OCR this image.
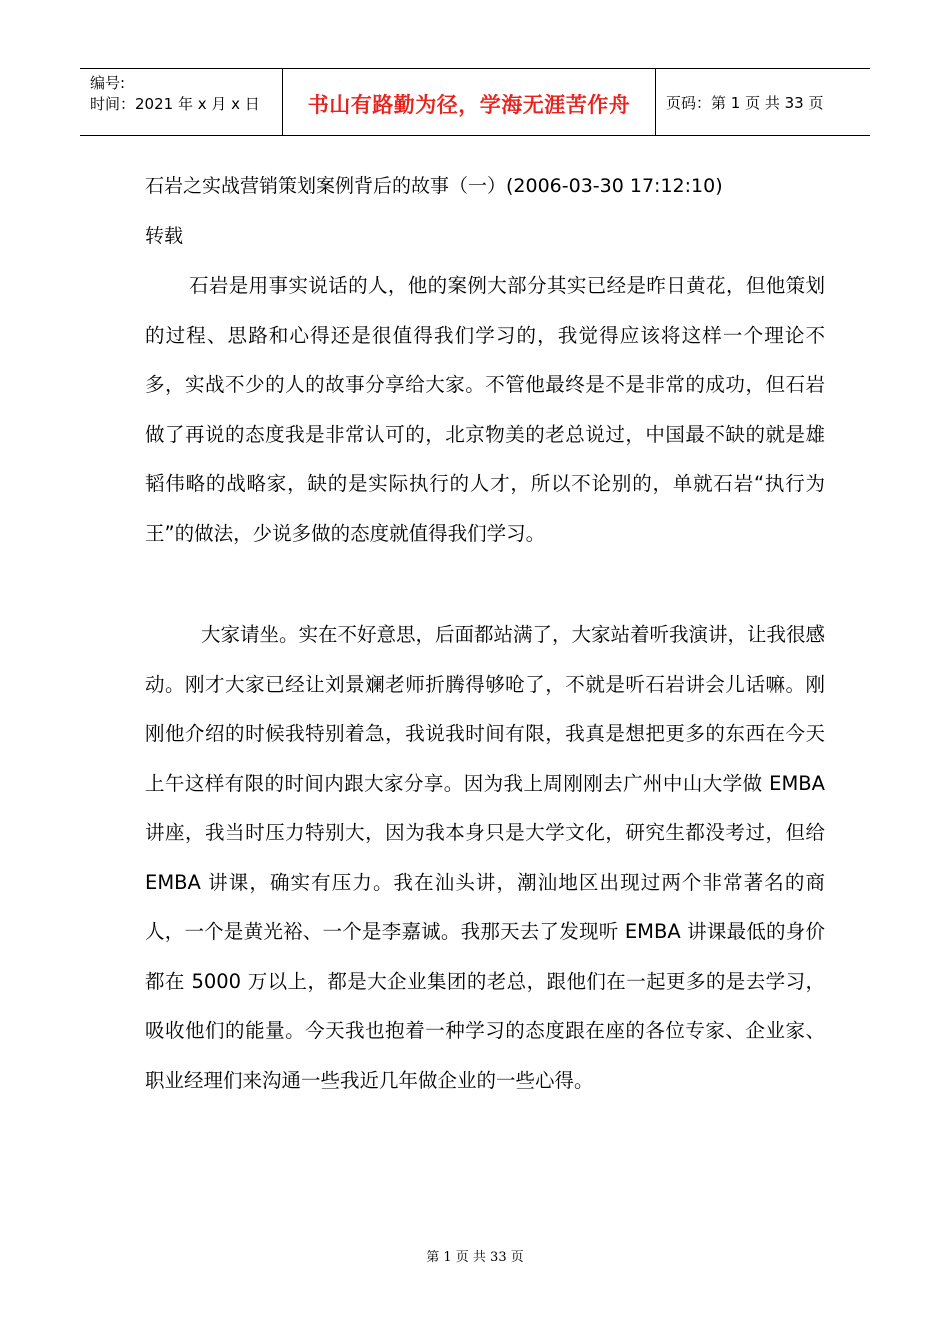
编号:
时间：2021 年 x 月 x 日	书山有路勤为径，学海无涯苦作舟 页码：第 1 页 共 33 页
石岩之实战营销策划案例背后的故事（一）(2006-03-30 17:12:10)
转载

石岩是用事实说话的人，他的案例大部分其实已经是昨日黄花，但他策划的过程、思路和心得还是很值得我们学习的，我觉得应该将这样一个理论不多，实战不少的人的故事分享给大家。不管他最终是不是非常的成功，但石岩做了再说的态度我是非常认可的，北京物美的老总说过，中国最不缺的就是雄韬伟略的战略家，缺的是实际执行的人才，所以不论别的，单就石岩“执行为王”的做法，少说多做的态度就值得我们学习。

大家请坐。实在不好意思，后面都站满了，大家站着听我演讲，让我很感动。刚才大家已经让刘景斓老师折腾得够呛了，不就是听石岩讲会儿话嘛。刚刚他介绍的时候我特别着急，我说我时间有限，我真是想把更多的东西在今天上午这样有限的时间内跟大家分享。因为我上周刚刚去广州中山大学做 EMBA 讲座，我当时压力特别大，因为我本身只是大学文化，研究生都没考过，但给 EMBA 讲课，确实有压力。我在汕头讲，潮汕地区出现过两个非常著名的商人，一个是黄光裕、一个是李嘉诚。我那天去了发现听 EMBA 讲课最低的身价都在 5000 万以上，都是大企业集团的老总，跟他们在一起更多的是去学习，吸收他们的能量。今天我也抱着一种学习的态度跟在座的各位专家、企业家、职业经理们来沟通一些我近几年做企业的一些心得。

第 1 页 共 33 页
